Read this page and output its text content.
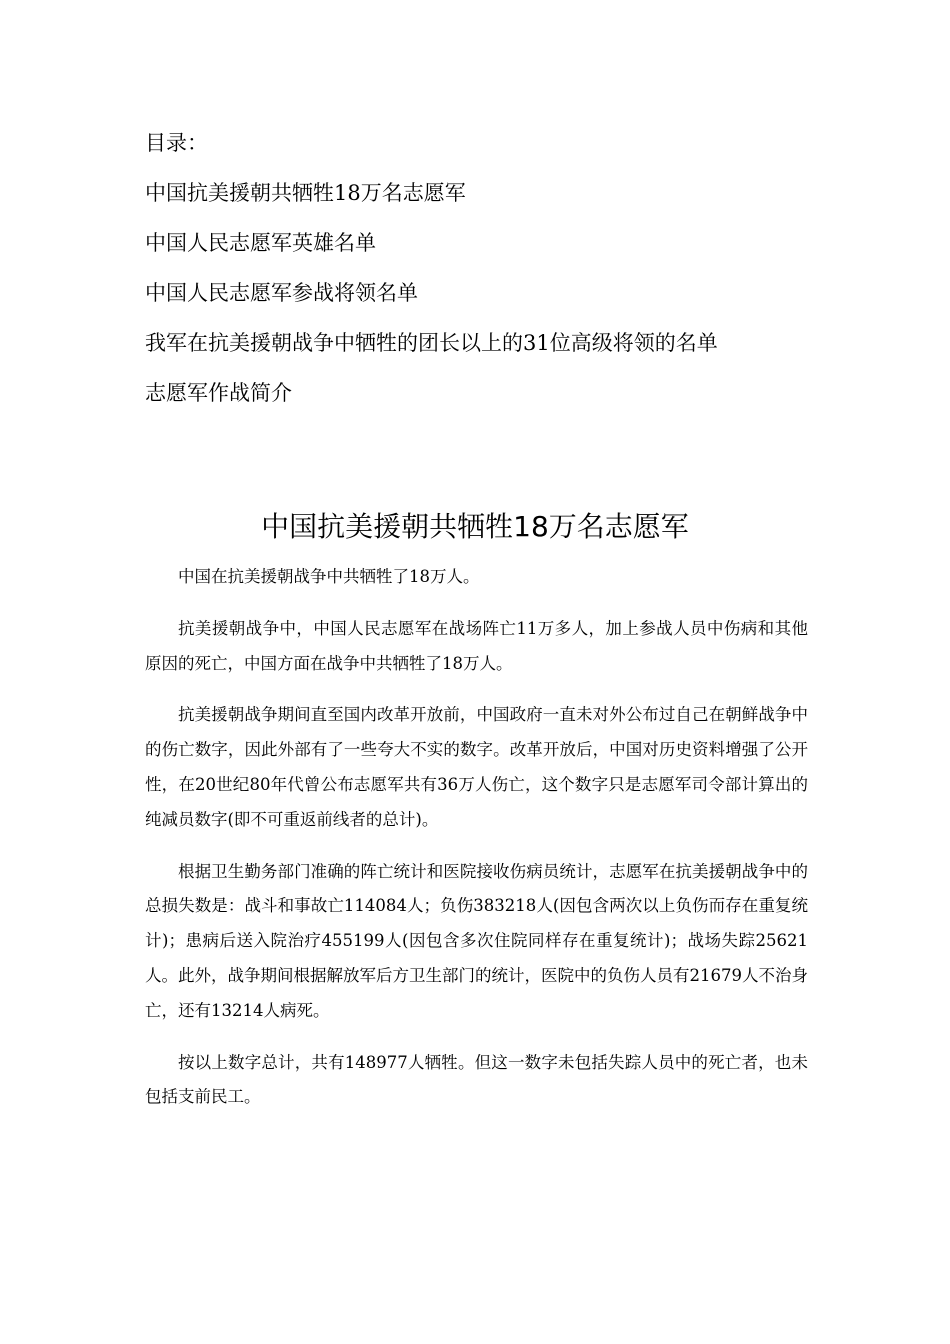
目录：
中国抗美援朝共牺牲18万名志愿军
中国人民志愿军英雄名单
中国人民志愿军参战将领名单
我军在抗美援朝战争中牺牲的团长以上的31位高级将领的名单
志愿军作战简介
中国抗美援朝共牺牲18万名志愿军

中国在抗美援朝战争中共牺牲了18万人。

抗美援朝战争中，中国人民志愿军在战场阵亡11万多人，加上参战人员中伤病和其他原因的死亡，中国方面在战争中共牺牲了18万人。

抗美援朝战争期间直至国内改革开放前，中国政府一直未对外公布过自己在朝鲜战争中的伤亡数字，因此外部有了一些夸大不实的数字。改革开放后，中国对历史资料增强了公开性，在20世纪80年代曾公布志愿军共有36万人伤亡，这个数字只是志愿军司令部计算出的纯减员数字(即不可重返前线者的总计)。

根据卫生勤务部门准确的阵亡统计和医院接收伤病员统计，志愿军在抗美援朝战争中的总损失数是：战斗和事故亡114084人；负伤383218人(因包含两次以上负伤而存在重复统计)；患病后送入院治疗455199人(因包含多次住院同样存在重复统计)；战场失踪25621人。此外，战争期间根据解放军后方卫生部门的统计，医院中的负伤人员有21679人不治身亡，还有13214人病死。

按以上数字总计，共有148977人牺牲。但这一数字未包括失踪人员中的死亡者，也未包括支前民工。
